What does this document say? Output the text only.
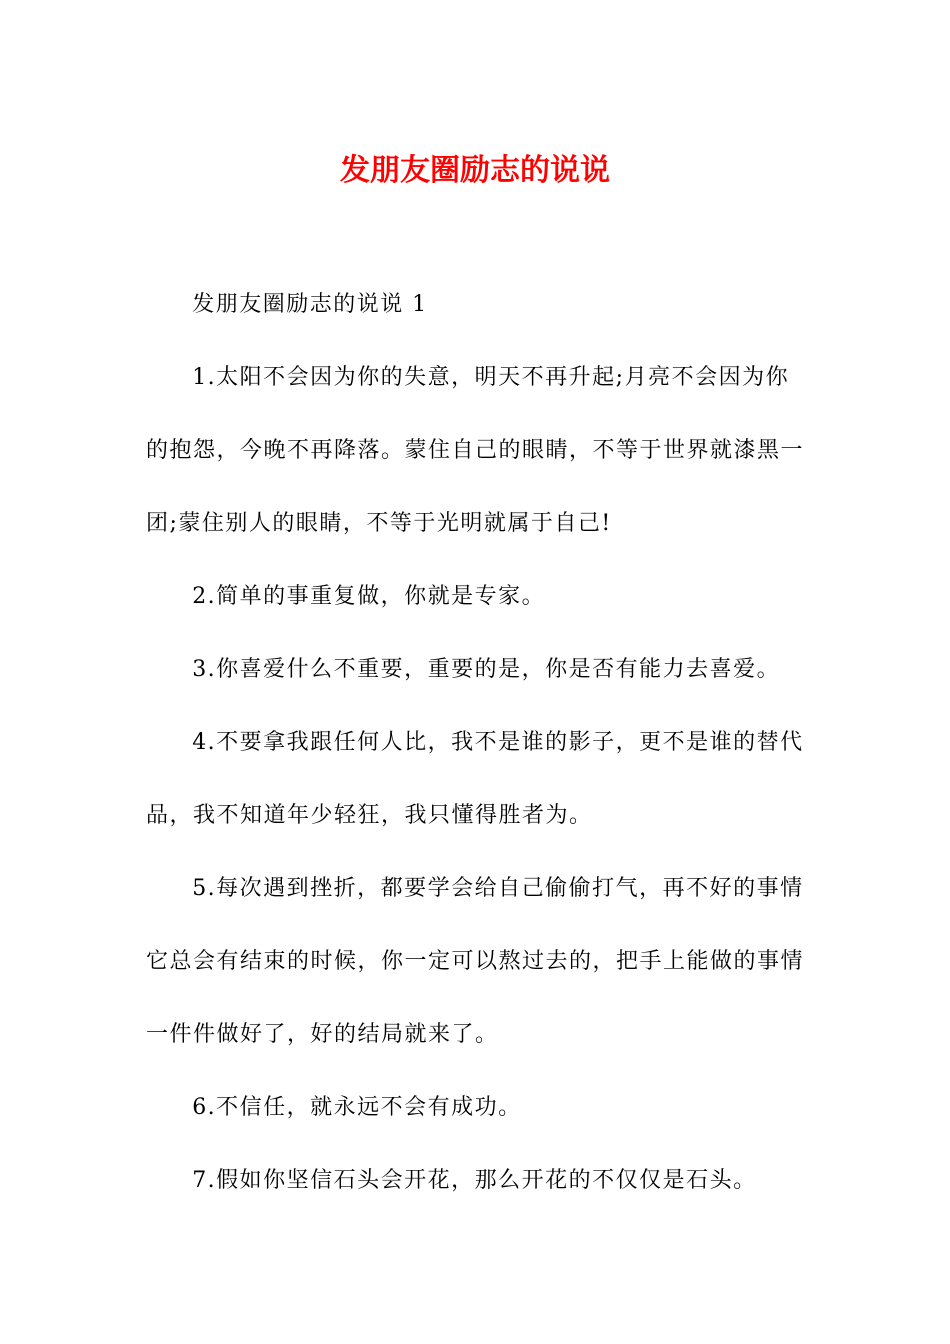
发朋友圈励志的说说

发朋友圈励志的说说 1

1.太阳不会因为你的失意，明天不再升起;月亮不会因为你的抱怨，今晚不再降落。蒙住自己的眼睛，不等于世界就漆黑一团;蒙住别人的眼睛，不等于光明就属于自己!

2.简单的事重复做，你就是专家。

3.你喜爱什么不重要，重要的是，你是否有能力去喜爱。

4.不要拿我跟任何人比，我不是谁的影子，更不是谁的替代品，我不知道年少轻狂，我只懂得胜者为。

5.每次遇到挫折，都要学会给自己偷偷打气，再不好的事情它总会有结束的时候，你一定可以熬过去的，把手上能做的事情一件件做好了，好的结局就来了。

6.不信任，就永远不会有成功。

7.假如你坚信石头会开花，那么开花的不仅仅是石头。
